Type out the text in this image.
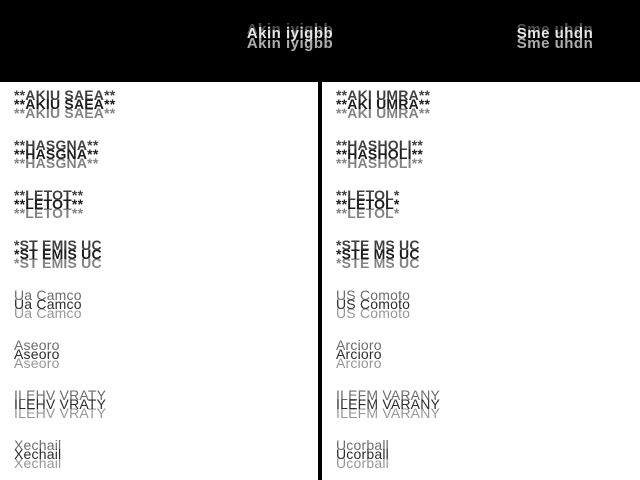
Akin iyigbb	Sme uhdn
**AKIU SAEA**
**HASGNA**
**LETOT**
*ST EMIS UC
Ua Camco
Aseoro
ILEHV VRATY
Xechail
**AKI UMRA**
**HASHOLI**
**LETOL*
*STE MS UC
US Comoto
Arcioro
ILEFM VARANY
Ucorball
